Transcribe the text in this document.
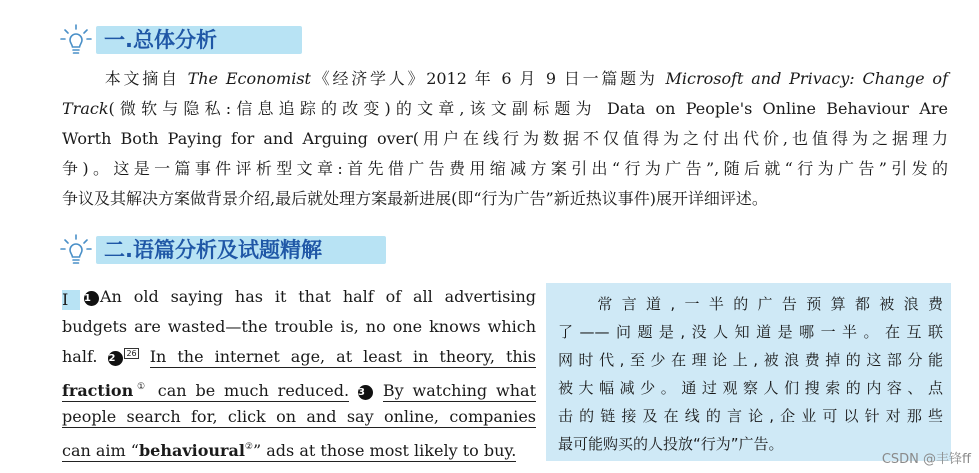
一.总体分析
本文摘自 The Economist《经济学人》2012 年 6 月 9 日一篇题为 Microsoft and Privacy: Change of
Track(微软与隐私:信息追踪的改变)的文章,该文副标题为 Data on People's Online Behaviour Are
Worth Both Paying for and Arguing over(用户在线行为数据不仅值得为之付出代价,也值得为之据理力
争)。这是一篇事件评析型文章:首先借广告费用缩减方案引出“行为广告”,随后就“行为广告”引发的
争议及其解决方案做背景介绍,最后就处理方案最新进展(即“行为广告”新近热议事件)展开详细评述。
二.语篇分析及试题精解
I 1 An old saying has it that half of all advertising
budgets are wasted—the trouble is, no one knows which
half. 2 26 In the internet age, at least in theory, this
fraction① can be much reduced. 3 By watching what
people search for, click on and say online, companies
can aim “behavioural②” ads at those most likely to buy.
常言道,一半的广告预算都被浪费
了——问题是,没人知道是哪一半。在互联
网时代,至少在理论上,被浪费掉的这部分能
被大幅减少。通过观察人们搜索的内容、点
击的链接及在线的言论,企业可以针对那些
最可能购买的人投放“行为”广告。
CSDN @丰锋ff
